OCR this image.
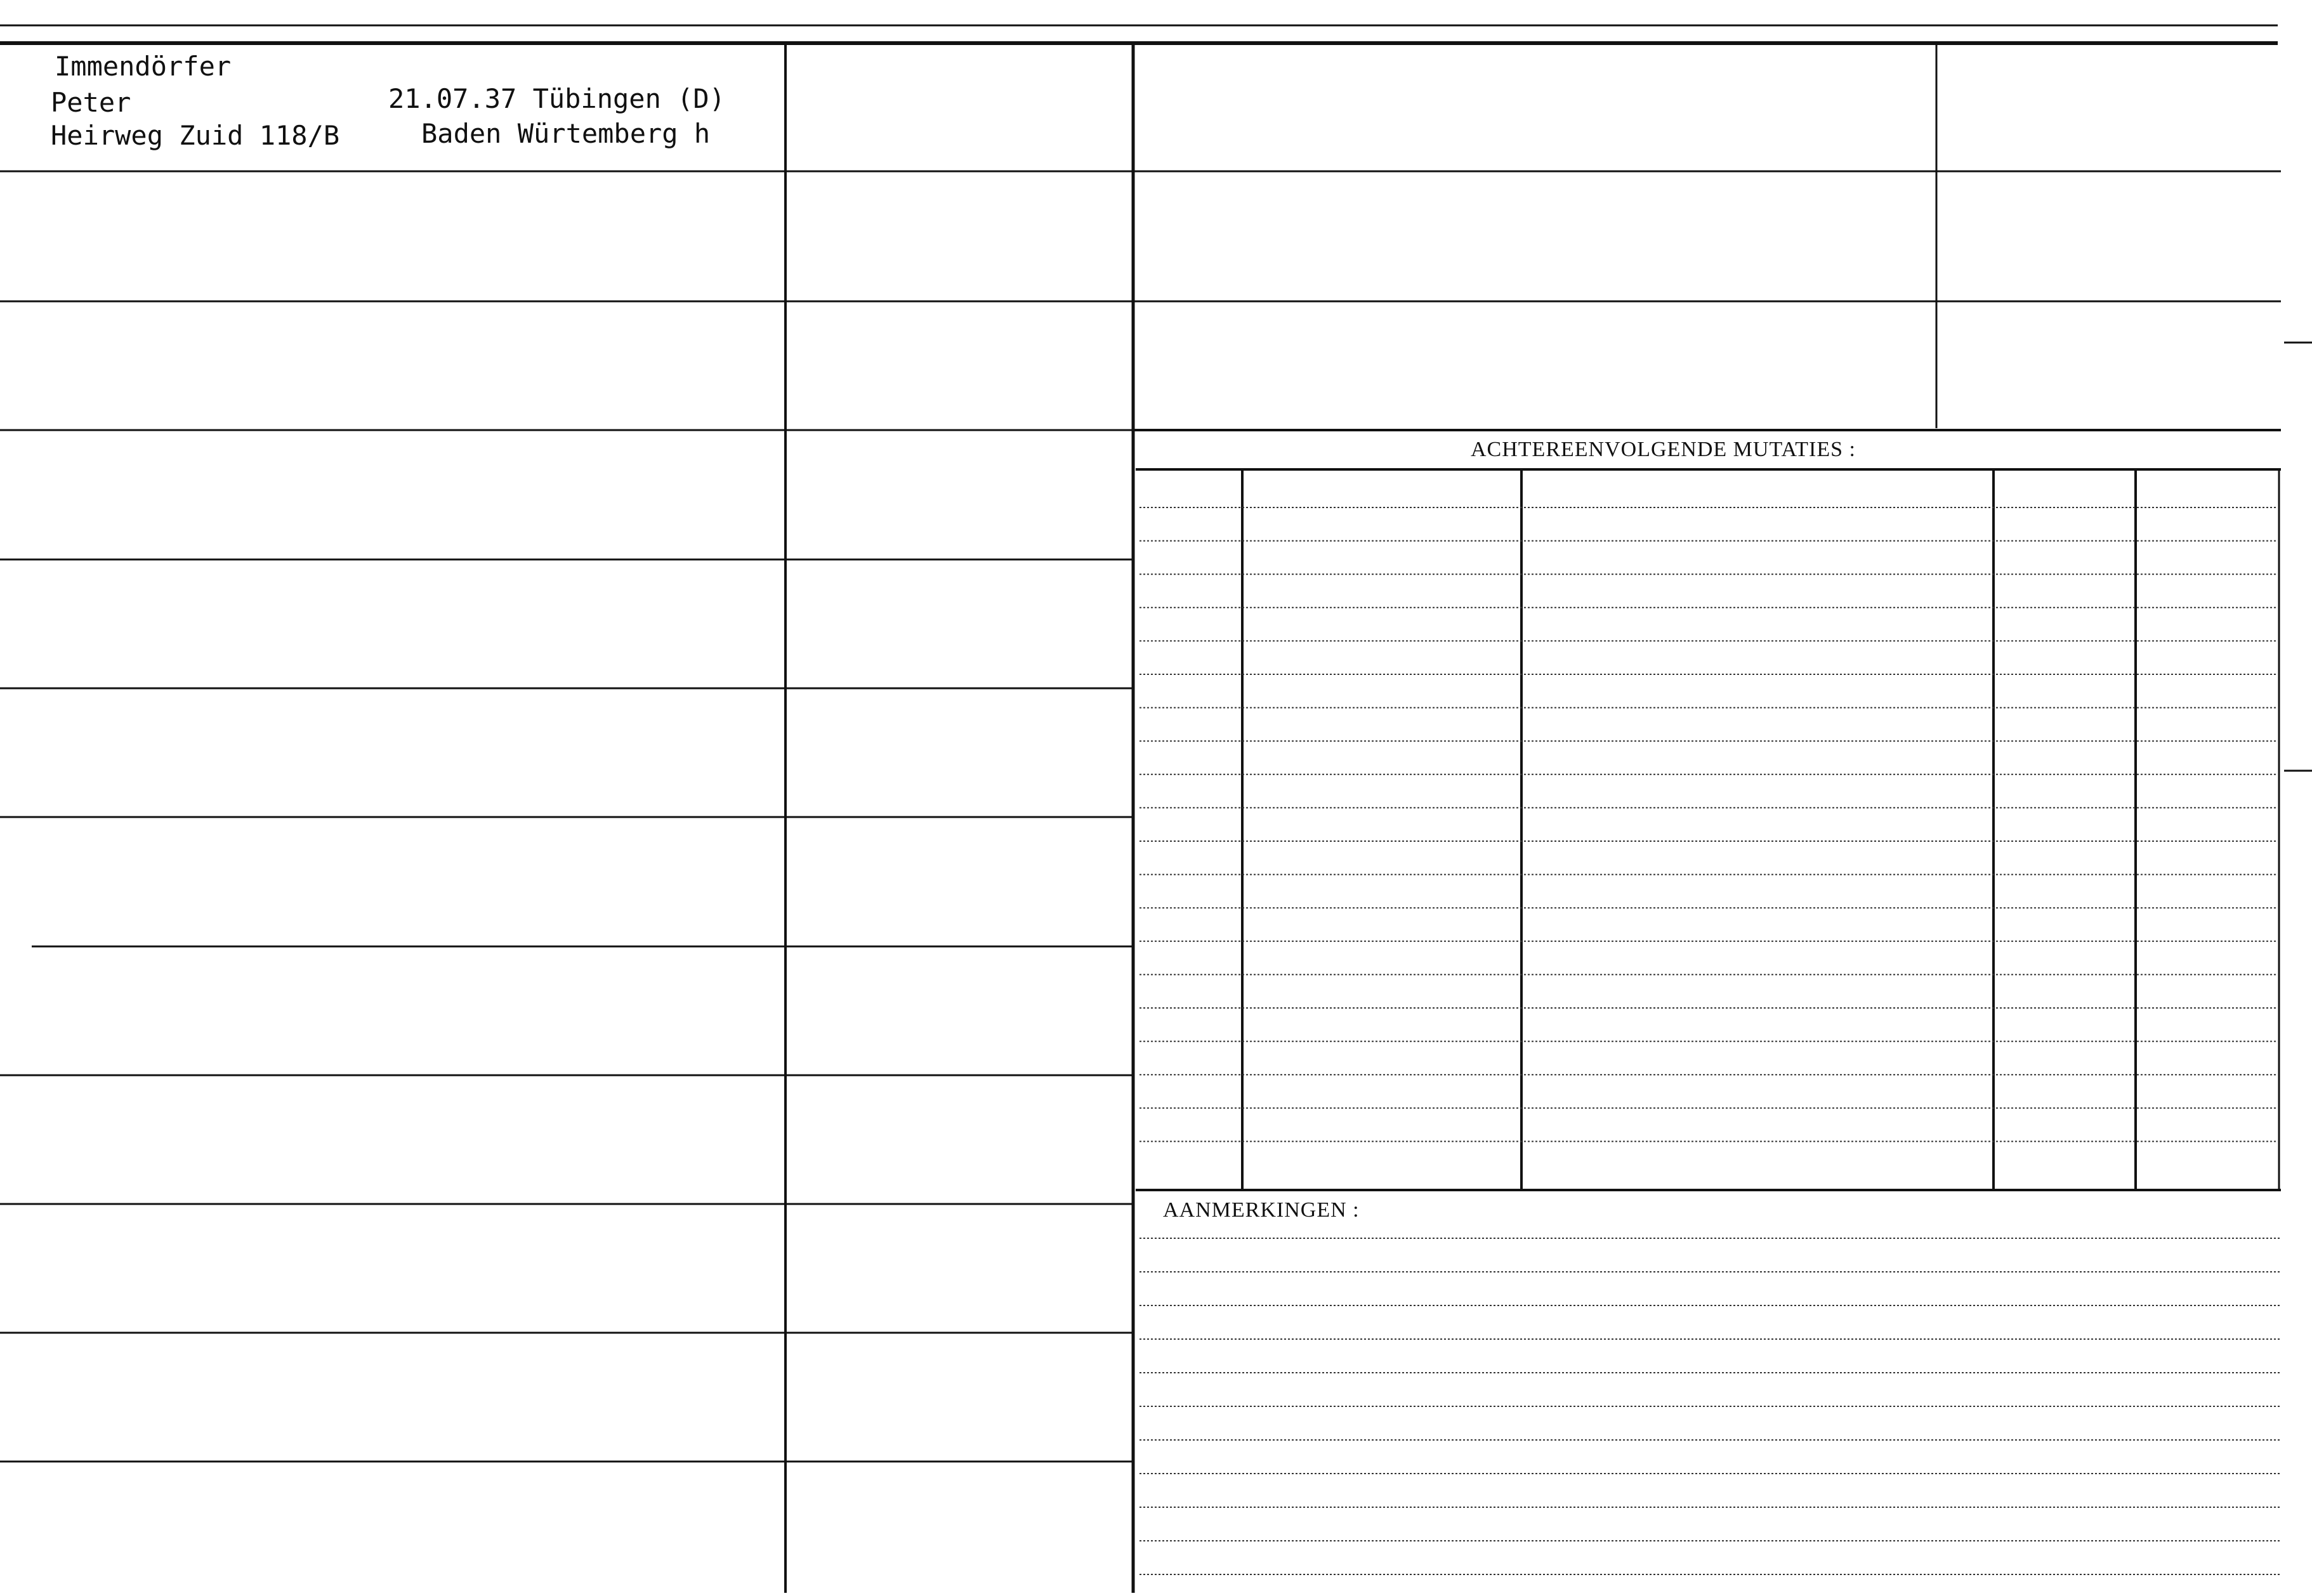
Immendörfer
Peter
Heirweg Zuid 118/B
21.07.37 Tübingen (D)
Baden Würtemberg h
ACHTEREENVOLGENDE MUTATIES :
AANMERKINGEN :
